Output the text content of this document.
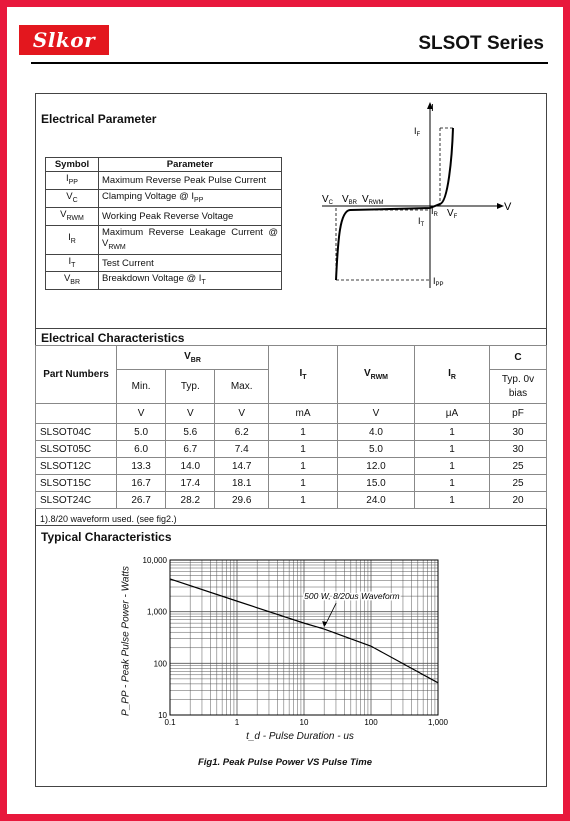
Slkor	SLSOT Series
Electrical Parameter
Symbol	Parameter
$I_{PP}$	Maximum Reverse Peak Pulse Current
$V_C$	Clamping Voltage @ $I_{PP}$
$V_{RWM}$	Working Peak Reverse Voltage
$I_R$	Maximum Reverse Leakage Current @ $V_{RWM}$
$I_T$	Test Current
$V_{BR}$	Breakdown Voltage @ $I_T$
I
V
$I_F$
$V_C$ $V_{BR}$ $V_{RWM}$
$I_R$ $V_F$
$I_T$
$I_{PP}$
Electrical Characteristics
Part Numbers	$V_{BR}$			$I_T$	$V_{RWM}$	$I_R$	C
	Min.	Typ.	Max.				Typ. 0v bias
	V	V	V	mA	V	μA	pF
SLSOT04C	5.0	5.6	6.2	1	4.0	1	30
SLSOT05C	6.0	6.7	7.4	1	5.0	1	30
SLSOT12C	13.3	14.0	14.7	1	12.0	1	25
SLSOT15C	16.7	17.4	18.1	1	15.0	1	25
SLSOT24C	26.7	28.2	29.6	1	24.0	1	20
1).8/20 waveform used. (see fig2.)
Typical Characteristics
0.1	1	10	100	1,000
10
100
1,000
10,000
500 W, 8/20us Waveform
P_PP - Peak Pulse Power - Watts
t_d - Pulse Duration - us
Fig1. Peak Pulse Power VS Pulse Time
